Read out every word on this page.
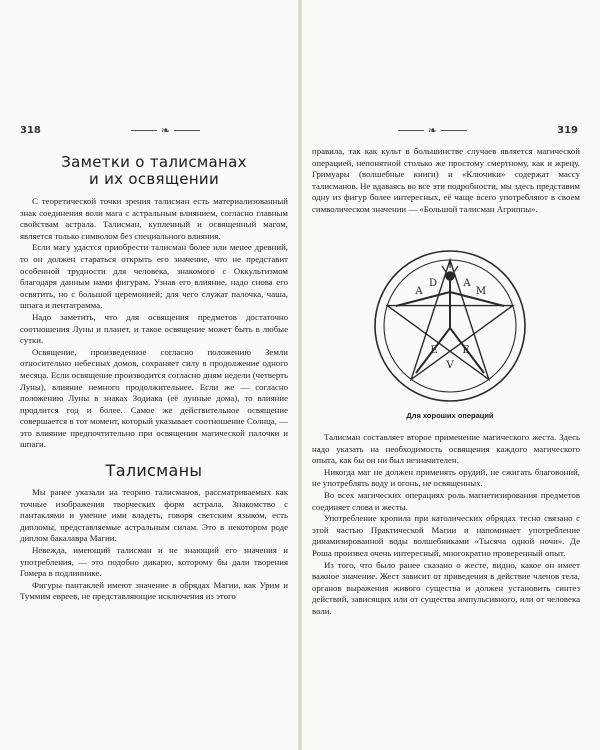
318	❧
Заметки о талисманах
и их освящении

С теоретической точки зрения талисман есть материализованный знак соединения воли мага с астральным влиянием, согласно главным свойствам астрала. Талисман, купленный и освященный магом, является только символом без специального влияния.

Если магу удастся приобрести талисман более или менее древний, то он должен стараться открыть его значение, что не представит особенной трудности для человека, знакомого с Оккультизмом благодаря данным нами фигурам. Узнав его влияние, надо снова его освятить, но с большой церемонией; для чего служат палочка, чаша, шпага и пентаграмма.

Надо заметить, что для освящения предметов достаточно соотношения Луны и планет, и такое освящение может быть в любые сутки.

Освящение, произведенное согласно положению Земли относительно небесных домов, сохраняет силу в продолжение одного месяца. Если освящение производится согласно дням недели (четверть Луны), влияние немного продолжительнее. Если же — согласно положению Луны в знаках Зодиака (её лунные дома), то влияние продлится год и более. Самое же действительное освящение совершается в тот момент, который указывает соотношение Солнца, — это влияние предпочтительно при освящении магической палочки и шпаги.

Талисманы

Мы ранее указали на теорию талисманов, рассматриваемых как точные изображения творческих форм астрала. Знакомство с пантаклями и умение ими владеть, говоря светским языком, есть дипломы, представляемые астральным силам. Это в некотором роде диплом бакалавра Магии.

Невежда, имеющий талисман и не знающий его значения и употребления, — это подобно дикарю, которому бы дали творения Гомера в подлиннике.

Фигуры пантаклей имеют значение в обрядах Магии, как Урим и Туммим евреев, не представляющие исключения из этого

❧	319

правила, так как культ в большинстве случаев является магической операцией, непонятной столько же простому смертному, как и жрецу. Гримуары (волшебные книги) и «Ключики» содержат массу талисманов. Не вдаваясь во все эти подробности, мы здесь представим одну из фигур более интересных, её чаще всего употребляют в своем символическом значении — «Большой талисман Агриппы».

A
D	A
M
E
V
E
Для хороших операций

Талисман составляет второе применение магического жеста. Здесь надо указать на необходимость освящения каждого магического опыта, как бы он ни был незначителен.

Никогда маг не должен применять орудий, не сжигать благовоний, не употреблять воду и огонь, не освященных.

Во всех магических операциях роль магнетизирования предметов соединяет слова и жесты.

Употребление кропила при католических обрядах тесно связано с этой частью Практической Магии и напоминает употребление динамизированной воды волшебниками «Тысяча одной ночи». Де Роша произвел очень интересный, многократно проверенный опыт.

Из того, что было ранее сказано о жесте, видно, какое он имеет важное значение. Жест зависит от приведения в действие членов тела, органов выражения живого существа и должен установить синтез действий, зависящих или от существа импульсивного, или от человека воли.
